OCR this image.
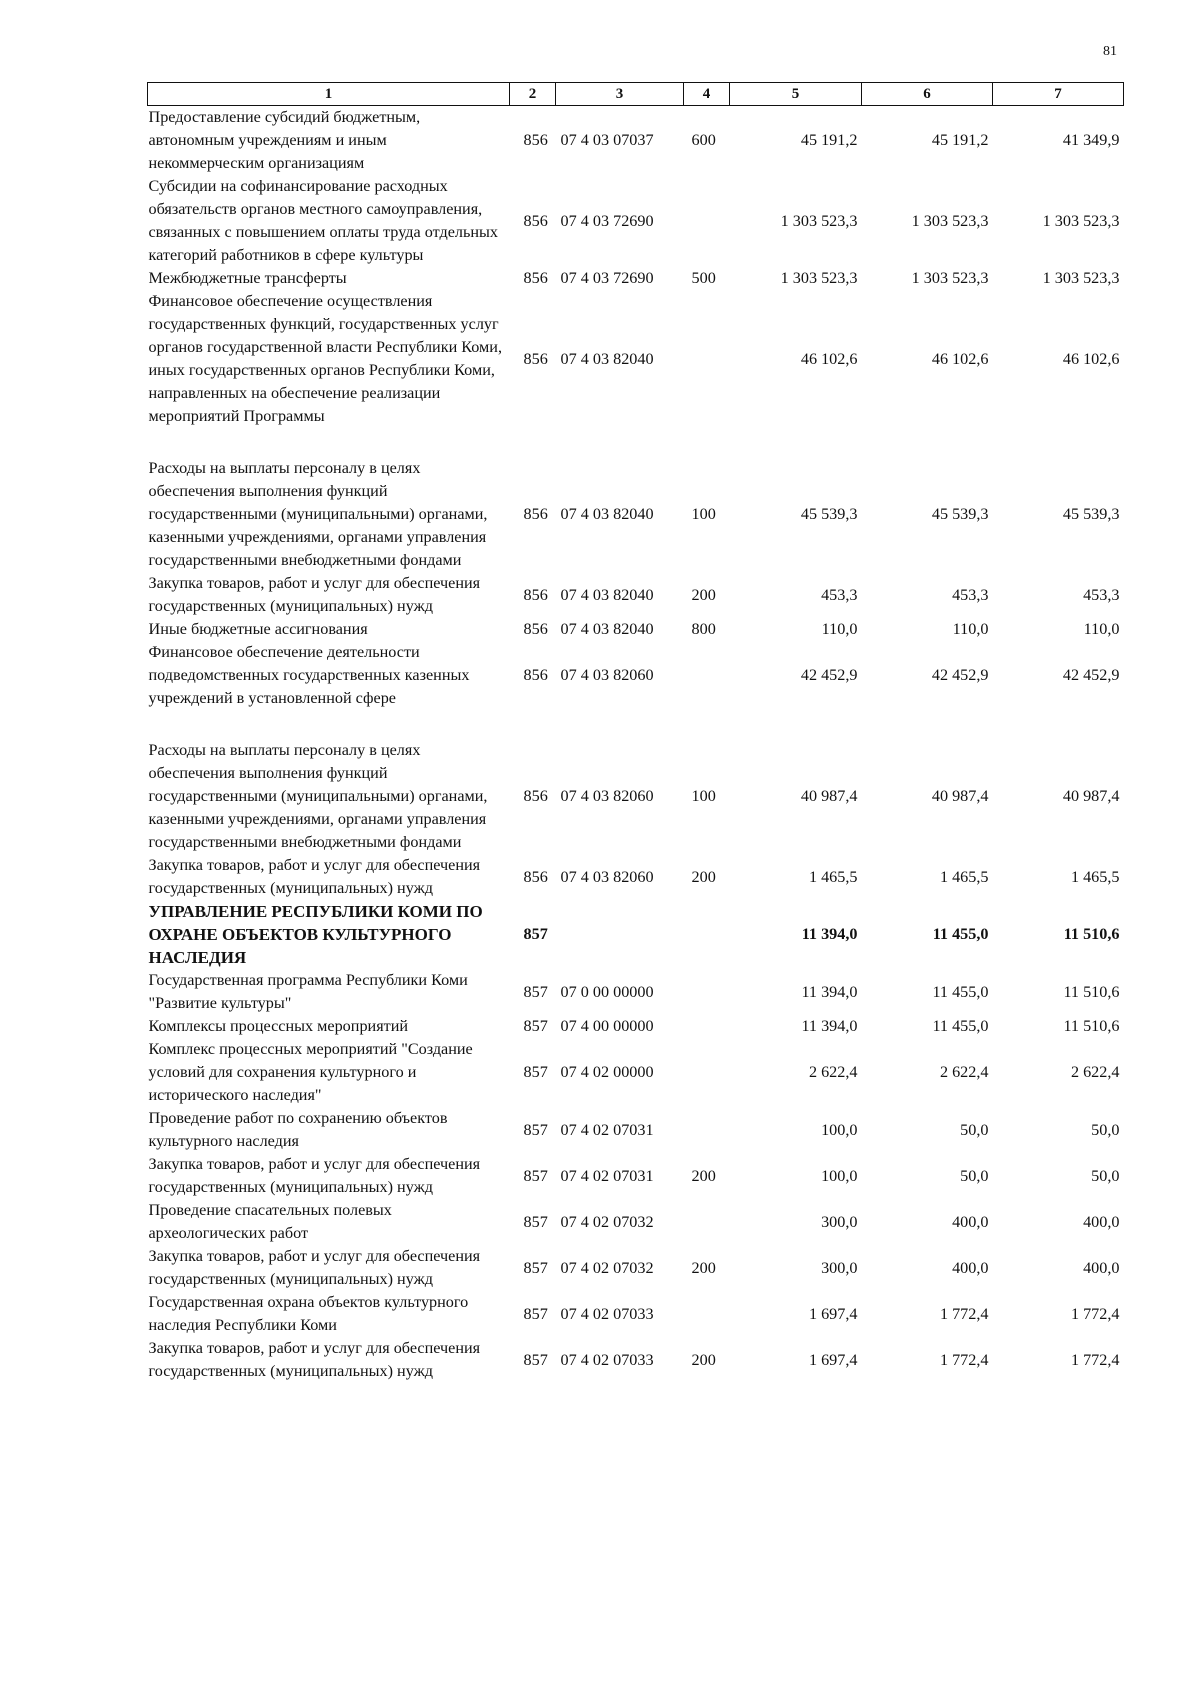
81
1	2	3	4	5	6	7
Предоставление субсидий бюджетным, автономным учреждениям и иным некоммерческим организациям	856	07 4 03 07037	600	45 191,2	45 191,2	41 349,9
Субсидии на софинансирование расходных обязательств органов местного самоуправления, связанных с повышением оплаты труда отдельных категорий работников в сфере культуры	856	07 4 03 72690		1 303 523,3	1 303 523,3	1 303 523,3
Межбюджетные трансферты	856	07 4 03 72690	500	1 303 523,3	1 303 523,3	1 303 523,3
Финансовое обеспечение осуществления государственных функций, государственных услуг органов государственной власти Республики Коми, иных государственных органов Республики Коми, направленных на обеспечение реализации мероприятий Программы	856	07 4 03 82040		46 102,6	46 102,6	46 102,6

Расходы на выплаты персоналу в целях обеспечения выполнения функций государственными (муниципальными) органами, казенными учреждениями, органами управления государственными внебюджетными фондами	856	07 4 03 82040	100	45 539,3	45 539,3	45 539,3
Закупка товаров, работ и услуг для обеспечения государственных (муниципальных) нужд	856	07 4 03 82040	200	453,3	453,3	453,3
Иные бюджетные ассигнования	856	07 4 03 82040	800	110,0	110,0	110,0
Финансовое обеспечение деятельности подведомственных государственных казенных учреждений в установленной сфере	856	07 4 03 82060		42 452,9	42 452,9	42 452,9

Расходы на выплаты персоналу в целях обеспечения выполнения функций государственными (муниципальными) органами, казенными учреждениями, органами управления государственными внебюджетными фондами	856	07 4 03 82060	100	40 987,4	40 987,4	40 987,4
Закупка товаров, работ и услуг для обеспечения государственных (муниципальных) нужд	856	07 4 03 82060	200	1 465,5	1 465,5	1 465,5
УПРАВЛЕНИЕ РЕСПУБЛИКИ КОМИ ПО ОХРАНЕ ОБЪЕКТОВ КУЛЬТУРНОГО НАСЛЕДИЯ	857			11 394,0	11 455,0	11 510,6
Государственная программа Республики Коми "Развитие культуры"	857	07 0 00 00000		11 394,0	11 455,0	11 510,6
Комплексы процессных мероприятий	857	07 4 00 00000		11 394,0	11 455,0	11 510,6
Комплекс процессных мероприятий "Создание условий для сохранения культурного и исторического наследия"	857	07 4 02 00000		2 622,4	2 622,4	2 622,4
Проведение работ по сохранению объектов культурного наследия	857	07 4 02 07031		100,0	50,0	50,0
Закупка товаров, работ и услуг для обеспечения государственных (муниципальных) нужд	857	07 4 02 07031	200	100,0	50,0	50,0
Проведение спасательных полевых археологических работ	857	07 4 02 07032		300,0	400,0	400,0
Закупка товаров, работ и услуг для обеспечения государственных (муниципальных) нужд	857	07 4 02 07032	200	300,0	400,0	400,0
Государственная охрана объектов культурного наследия Республики Коми	857	07 4 02 07033		1 697,4	1 772,4	1 772,4
Закупка товаров, работ и услуг для обеспечения государственных (муниципальных) нужд	857	07 4 02 07033	200	1 697,4	1 772,4	1 772,4
